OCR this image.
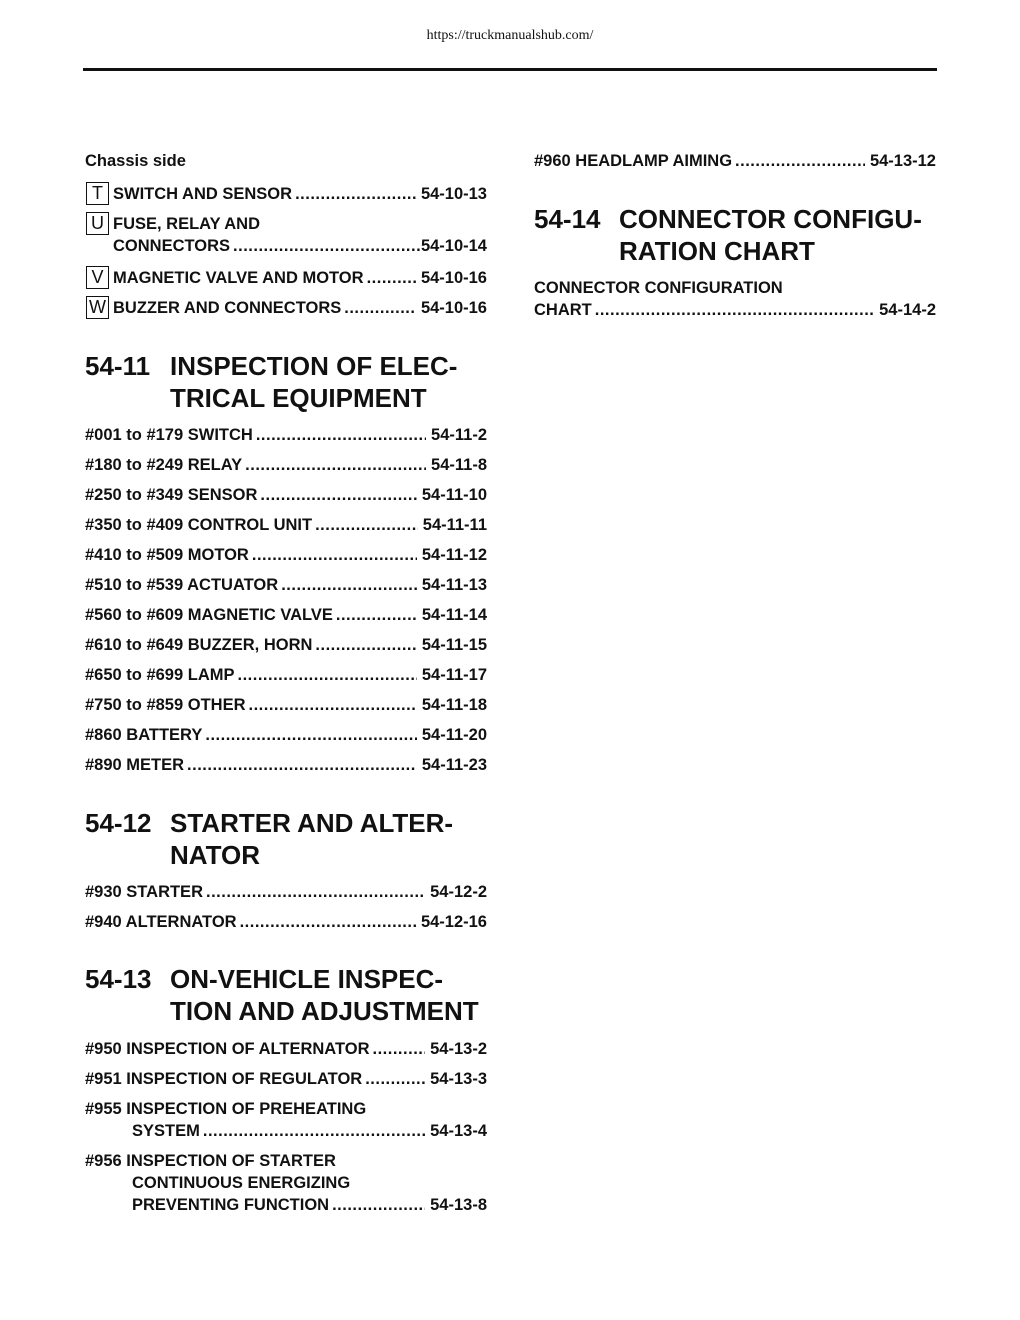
https://truckmanualshub.com/
Chassis side
T SWITCH AND SENSOR .....	54-10-13
U FUSE, RELAY AND
CONNECTORS .....	54-10-14
V MAGNETIC VALVE AND MOTOR .....	54-10-16
W BUZZER AND CONNECTORS .....	54-10-16
54-11 INSPECTION OF ELEC-
TRICAL EQUIPMENT
#001 to #179 SWITCH .....	54-11-2
#180 to #249 RELAY .....	54-11-8
#250 to #349 SENSOR .....	54-11-10
#350 to #409 CONTROL UNIT .....	54-11-11
#410 to #509 MOTOR .....	54-11-12
#510 to #539 ACTUATOR .....	54-11-13
#560 to #609 MAGNETIC VALVE .....	54-11-14
#610 to #649 BUZZER, HORN .....	54-11-15
#650 to #699 LAMP .....	54-11-17
#750 to #859 OTHER .....	54-11-18
#860 BATTERY .....	54-11-20
#890 METER .....	54-11-23
54-12 STARTER AND ALTER-
NATOR
#930 STARTER .....	54-12-2
#940 ALTERNATOR .....	54-12-16
54-13 ON-VEHICLE INSPEC-
TION AND ADJUSTMENT
#950 INSPECTION OF ALTERNATOR .....	54-13-2
#951 INSPECTION OF REGULATOR .....	54-13-3
#955 INSPECTION OF PREHEATING
SYSTEM .....	54-13-4
#956 INSPECTION OF STARTER
CONTINUOUS ENERGIZING
PREVENTING FUNCTION .....	54-13-8
#960 HEADLAMP AIMING .....	54-13-12
54-14 CONNECTOR CONFIGU-
RATION CHART
CONNECTOR CONFIGURATION
CHART .....	54-14-2
